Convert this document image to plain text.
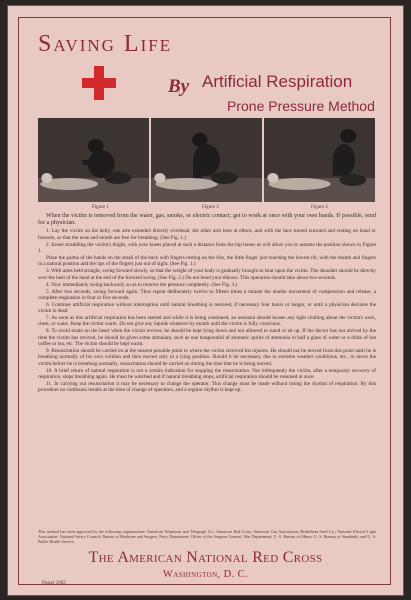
Saving Life
By Artificial Respiration
Prone Pressure Method
Figure 1	Figure 2	Figure 3

When the victim is removed from the water, gas, smoke, or electric contact; get to work at once with your own hands. If possible, send for a physician.

1. Lay the victim on his belly, one arm extended directly overhead, the other arm bent at elbow, and with the face turned outward and resting on hand or forearm, so that the nose and mouth are free for breathing. (See Fig. 1.)

2. Kneel straddling the victim's thighs, with your knees placed at such a distance from the hip bones as will allow you to assume the position shown in Figure 1.

Place the palms of the hands on the small of the back with fingers resting on the ribs, the little finger just touching the lowest rib, with the thumb and fingers in a natural position and the tips of the fingers just out of sight. (See Fig. 1.)

3. With arms held straight, swing forward slowly, so that the weight of your body is gradually brought to bear upon the victim. The shoulder should be directly over the heel of the hand at the end of the forward swing. (See Fig. 2.) Do not bend your elbows. This operation should take about two seconds.

4. Now immediately swing backward, so as to remove the pressure completely. (See Fig. 3.)

5. After two seconds, swing forward again. Thus repeat deliberately twelve to fifteen times a minute the double movement of compression and release, a complete respiration in four or five seconds.

6. Continue artificial respiration without interruption until natural breathing is restored, if necessary four hours or longer, or until a physician declares the victim is dead.

7. As soon as this artificial respiration has been started and while it is being continued, an assistant should loosen any tight clothing about the victim's neck, chest, or waist. Keep the victim warm. Do not give any liquids whatever by mouth until the victim is fully conscious.

8. To avoid strain on the heart when the victim revives, he should be kept lying down and not allowed to stand or sit up. If the doctor has not arrived by the time the victim has revived, he should be given some stimulant, such as one teaspoonful of aromatic spirits of ammonia in half a glass of water or a drink of hot coffee or tea, etc. The victim should be kept warm.

9. Resuscitation should be carried on at the nearest possible point to where the victim received his injuries. He should not be moved from this point until he is breathing normally of his own volition and then moved only in a lying position. Should it be necessary, due to extreme weather conditions, etc., to move the victim before he is breathing normally, resuscitation should be carried on during the time that he is being moved.

10. A brief return of natural respiration is not a certain indication for stopping the resuscitation. Not infrequently the victim, after a temporary recovery of respiration, stops breathing again. He must be watched and if natural breathing stops, artificial respiration should be resumed at once.

11. In carrying out resuscitation it may be necessary to change the operator. This change must be made without losing the rhythm of respiration. By this procedure no confusion results at the time of change of operators, and a regular rhythm is kept up.

This method has been approved by the following organizations: American Telephone and Telegraph Co.; American Red Cross; American Gas Association; Bethlehem Steel Co.; National Electric Light Association; National Safety Council; Bureau of Medicine and Surgery, Navy Department; Office of the Surgeon General, War Department; U. S. Bureau of Mines; U. S. Bureau of Standards; and U. S. Public Health Service.
The American National Red Cross
Washington, D. C.
Poster 1002
